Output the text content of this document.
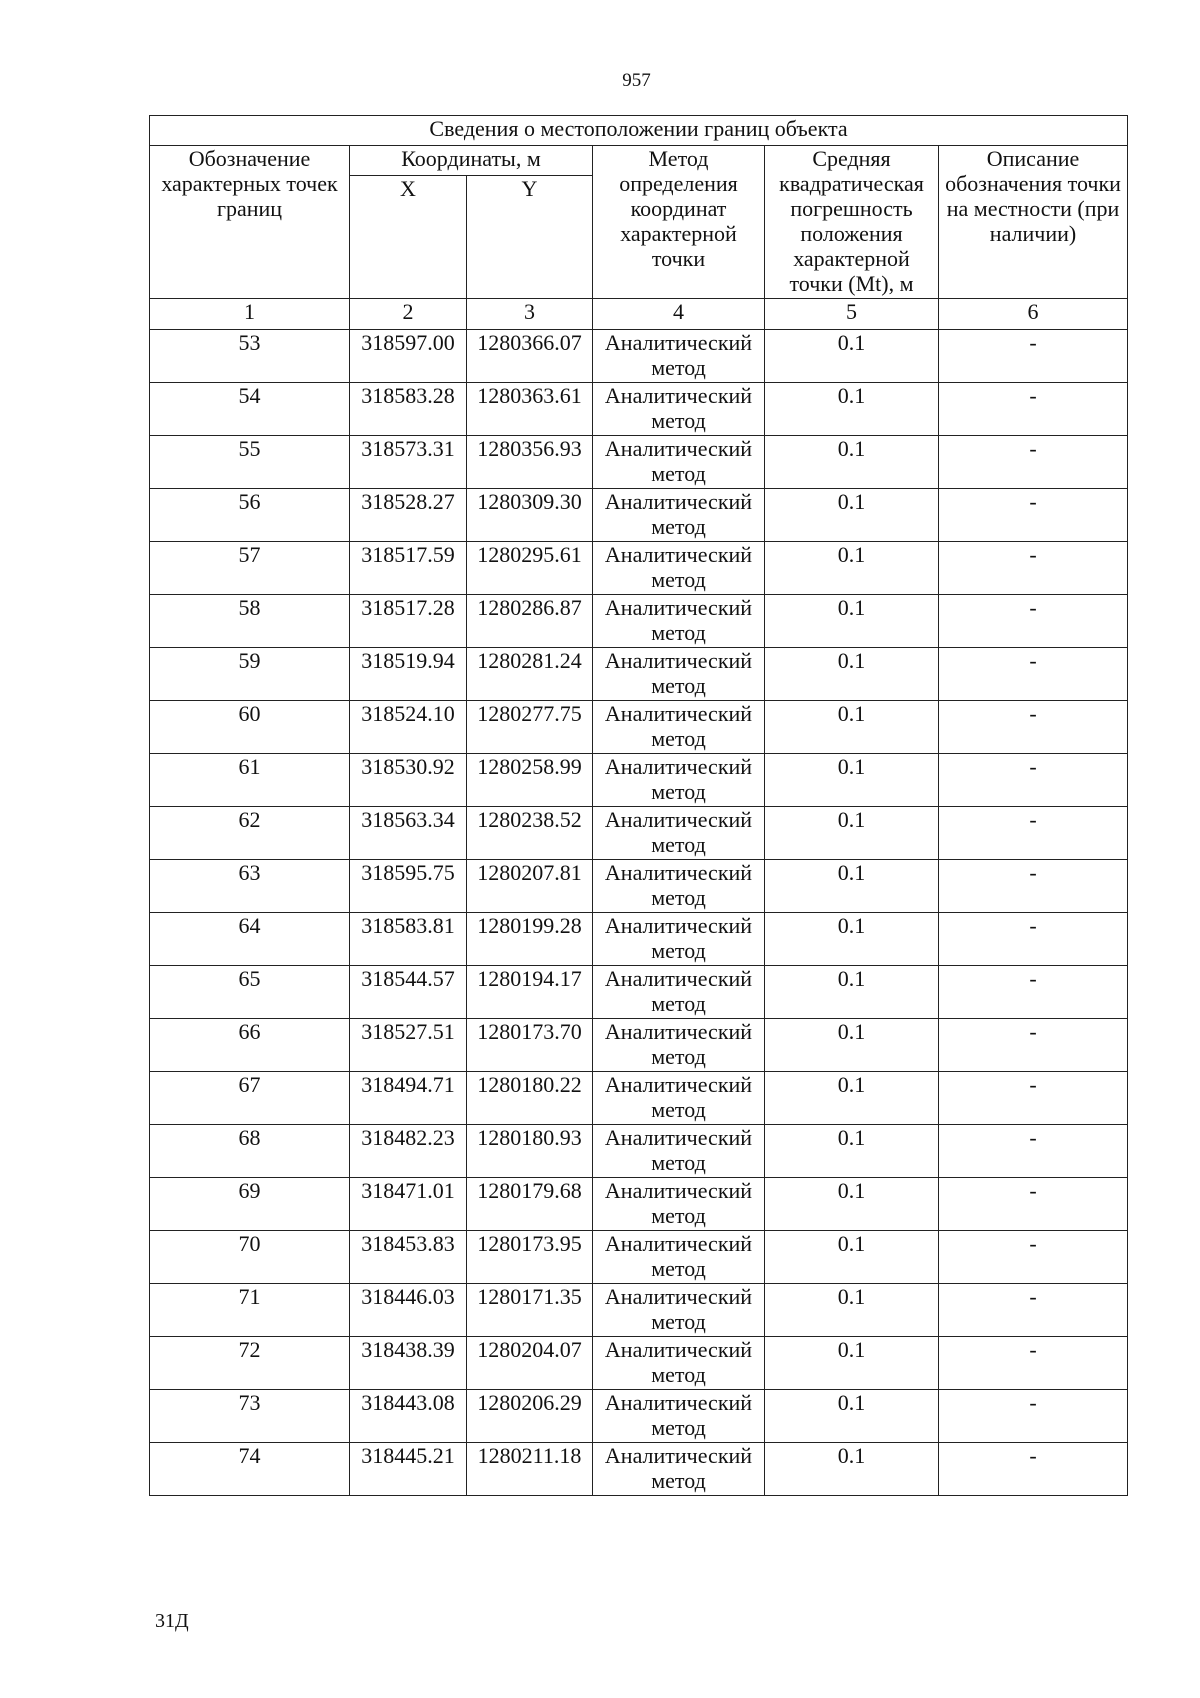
957
Сведения о местоположении границ объекта					
Обозначение характерных точек границ	Координаты, м		Метод определения координат характерной точки	Средняя квадратическая погрешность положения характерной точки (Mt), м	Описание обозначения точки на местности (при наличии)
	X	Y			
1	2	3	4	5	6
53	318597.00	1280366.07	Аналитический метод	0.1	-
54	318583.28	1280363.61	Аналитический метод	0.1	-
55	318573.31	1280356.93	Аналитический метод	0.1	-
56	318528.27	1280309.30	Аналитический метод	0.1	-
57	318517.59	1280295.61	Аналитический метод	0.1	-
58	318517.28	1280286.87	Аналитический метод	0.1	-
59	318519.94	1280281.24	Аналитический метод	0.1	-
60	318524.10	1280277.75	Аналитический метод	0.1	-
61	318530.92	1280258.99	Аналитический метод	0.1	-
62	318563.34	1280238.52	Аналитический метод	0.1	-
63	318595.75	1280207.81	Аналитический метод	0.1	-
64	318583.81	1280199.28	Аналитический метод	0.1	-
65	318544.57	1280194.17	Аналитический метод	0.1	-
66	318527.51	1280173.70	Аналитический метод	0.1	-
67	318494.71	1280180.22	Аналитический метод	0.1	-
68	318482.23	1280180.93	Аналитический метод	0.1	-
69	318471.01	1280179.68	Аналитический метод	0.1	-
70	318453.83	1280173.95	Аналитический метод	0.1	-
71	318446.03	1280171.35	Аналитический метод	0.1	-
72	318438.39	1280204.07	Аналитический метод	0.1	-
73	318443.08	1280206.29	Аналитический метод	0.1	-
74	318445.21	1280211.18	Аналитический метод	0.1	-
31Д
